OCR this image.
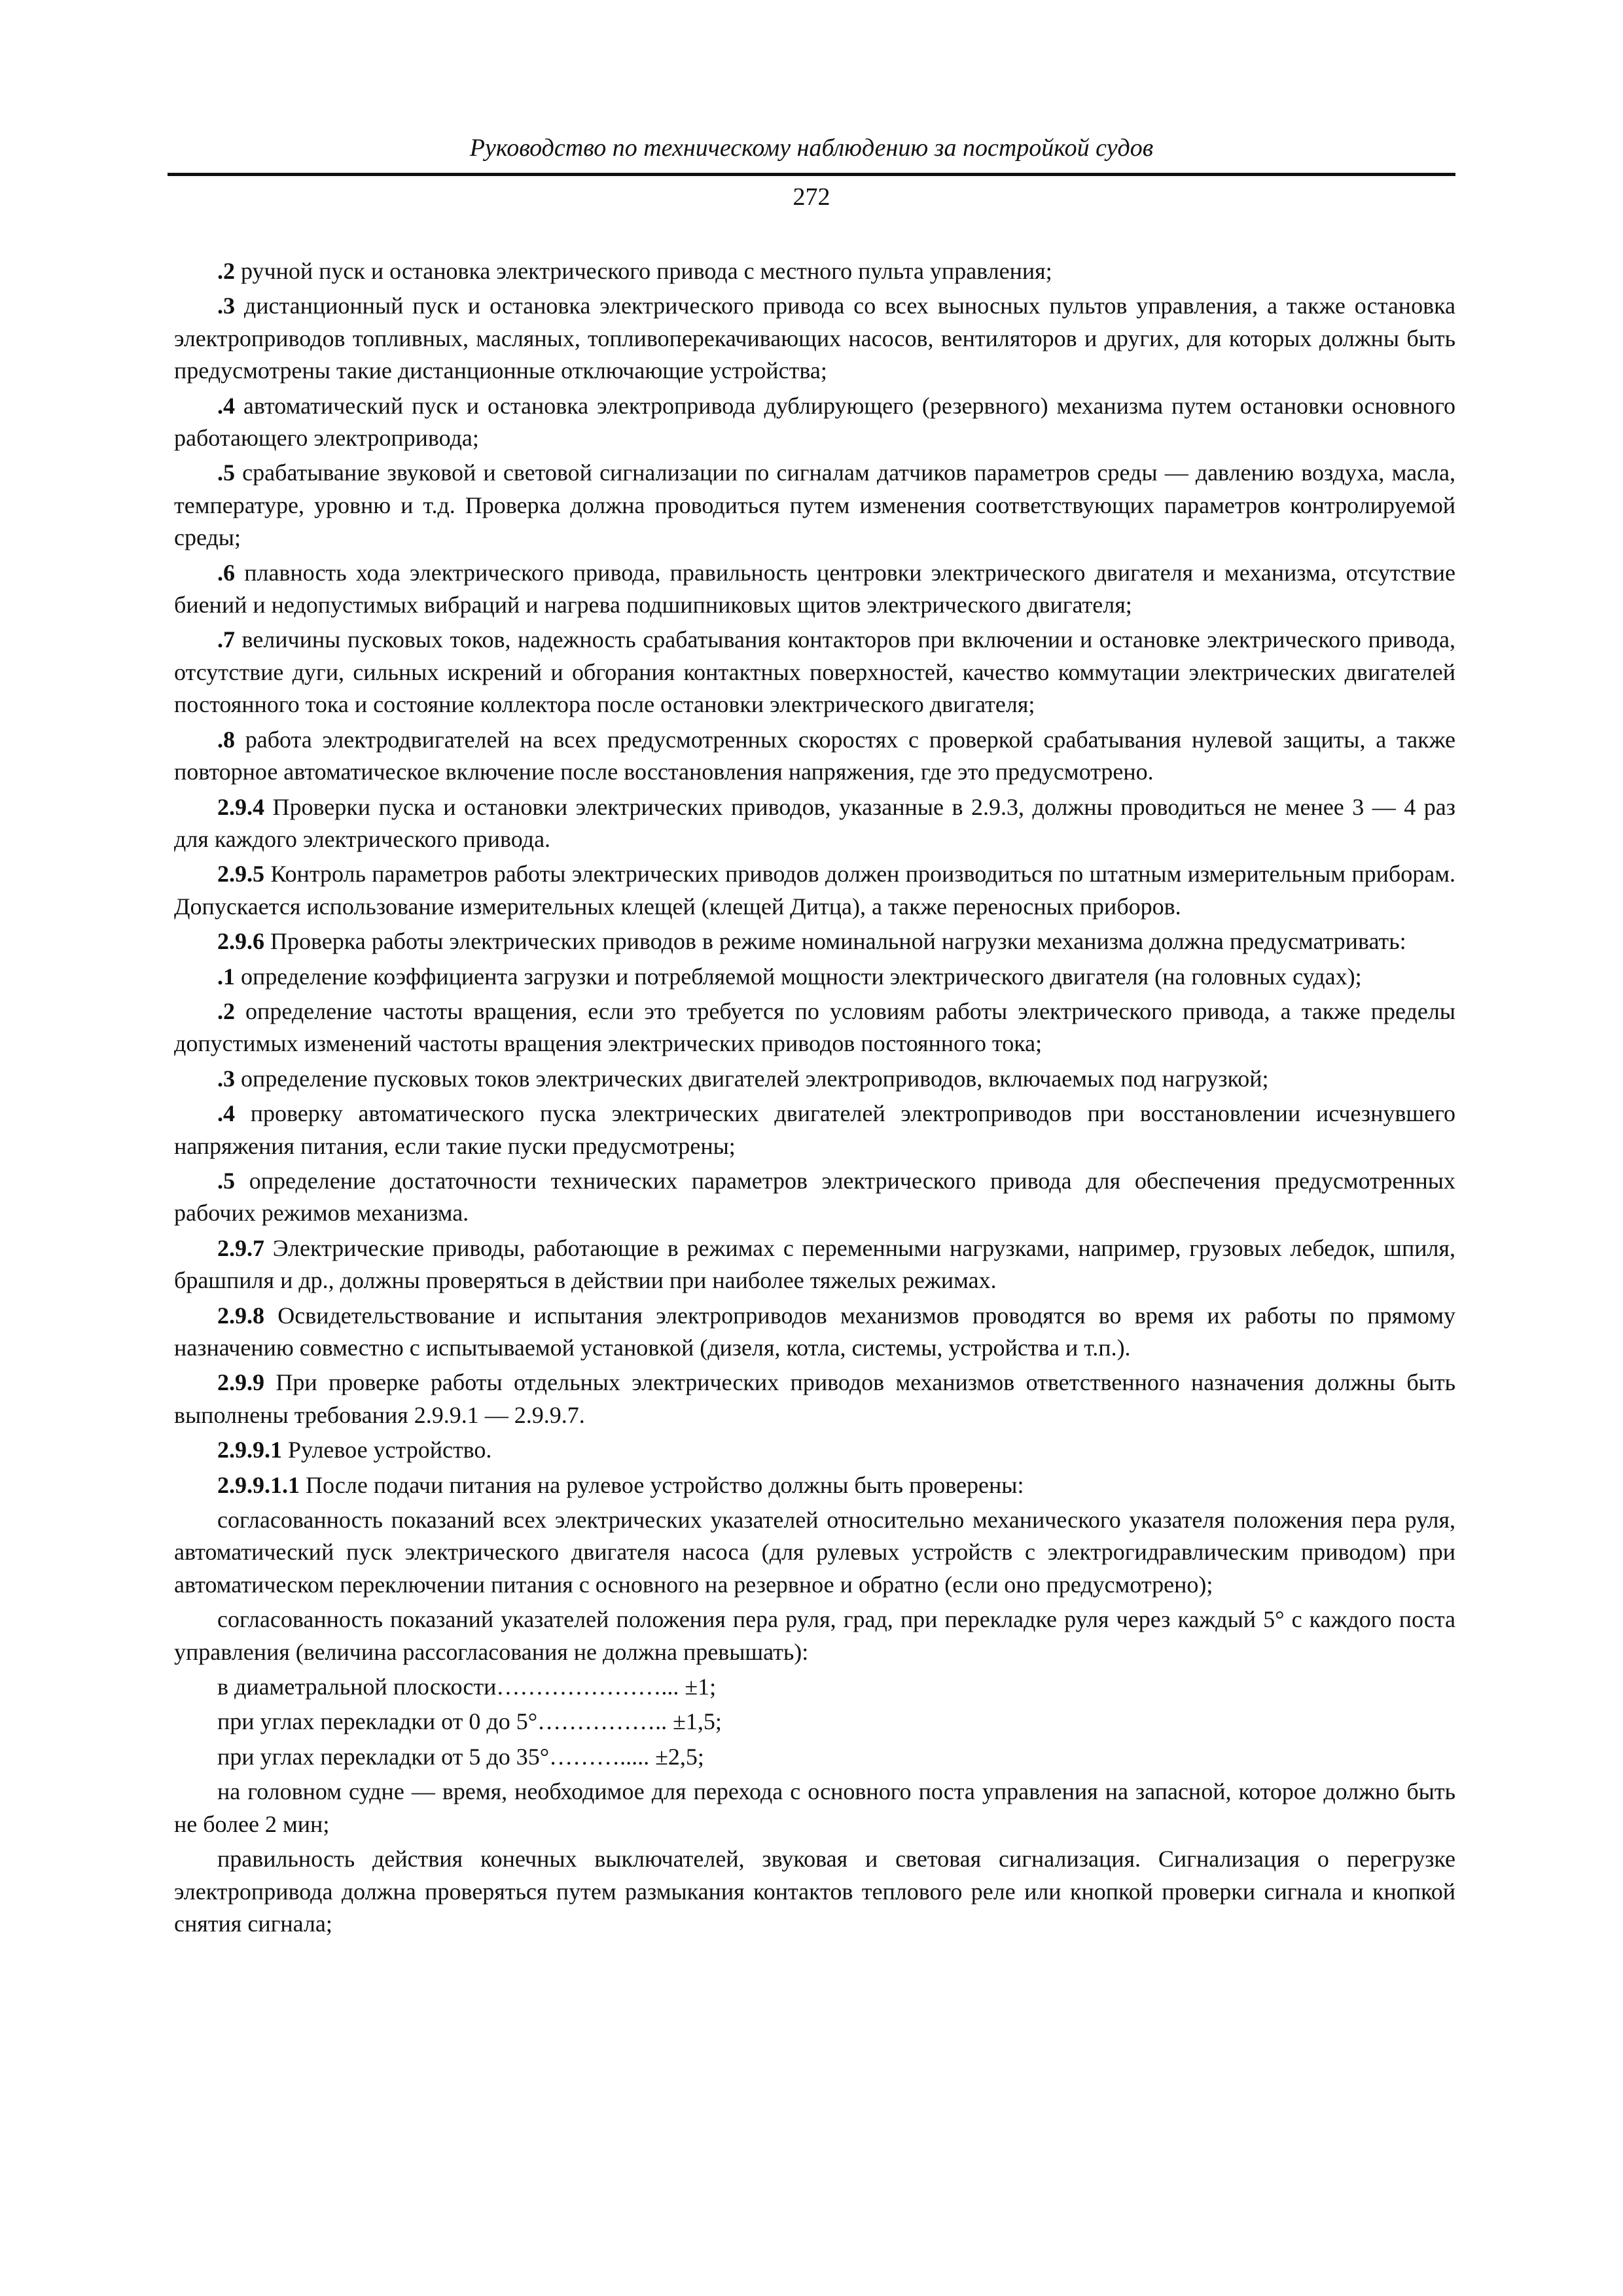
Руководство по техническому наблюдению за постройкой судов
272

.2 ручной пуск и остановка электрического привода с местного пульта управления;

.3 дистанционный пуск и остановка электрического привода со всех выносных пультов управления, а также остановка электроприводов топливных, масляных, топливоперекачивающих насосов, вентиляторов и других, для которых должны быть предусмотрены такие дистанционные отключающие устройства;

.4 автоматический пуск и остановка электропривода дублирующего (резервного) механизма путем остановки основного работающего электропривода;

.5 срабатывание звуковой и световой сигнализации по сигналам датчиков параметров среды — давлению воздуха, масла, температуре, уровню и т.д. Проверка должна проводиться путем изменения соответствующих параметров контролируемой среды;

.6 плавность хода электрического привода, правильность центровки электрического двигателя и механизма, отсутствие биений и недопустимых вибраций и нагрева подшипниковых щитов электрического двигателя;

.7 величины пусковых токов, надежность срабатывания контакторов при включении и остановке электрического привода, отсутствие дуги, сильных искрений и обгорания контактных поверхностей, качество коммутации электрических двигателей постоянного тока и состояние коллектора после остановки электрического двигателя;

.8 работа электродвигателей на всех предусмотренных скоростях с проверкой срабатывания нулевой защиты, а также повторное автоматическое включение после восстановления напряжения, где это предусмотрено.

2.9.4 Проверки пуска и остановки электрических приводов, указанные в 2.9.3, должны проводиться не менее 3 — 4 раз для каждого электрического привода.

2.9.5 Контроль параметров работы электрических приводов должен производиться по штатным измерительным приборам. Допускается использование измерительных клещей (клещей Дитца), а также переносных приборов.

2.9.6 Проверка работы электрических приводов в режиме номинальной нагрузки механизма должна предусматривать:

.1 определение коэффициента загрузки и потребляемой мощности электрического двигателя (на головных судах);

.2 определение частоты вращения, если это требуется по условиям работы электрического привода, а также пределы допустимых изменений частоты вращения электрических приводов постоянного тока;

.3 определение пусковых токов электрических двигателей электроприводов, включаемых под нагрузкой;

.4 проверку автоматического пуска электрических двигателей электроприводов при восстановлении исчезнувшего напряжения питания, если такие пуски предусмотрены;

.5 определение достаточности технических параметров электрического привода для обеспечения предусмотренных рабочих режимов механизма.

2.9.7 Электрические приводы, работающие в режимах с переменными нагрузками, например, грузовых лебедок, шпиля, брашпиля и др., должны проверяться в действии при наиболее тяжелых режимах.

2.9.8 Освидетельствование и испытания электроприводов механизмов проводятся во время их работы по прямому назначению совместно с испытываемой установкой (дизеля, котла, системы, устройства и т.п.).

2.9.9 При проверке работы отдельных электрических приводов механизмов ответственного назначения должны быть выполнены требования 2.9.9.1 — 2.9.9.7.

2.9.9.1 Рулевое устройство.

2.9.9.1.1 После подачи питания на рулевое устройство должны быть проверены:

согласованность показаний всех электрических указателей относительно механического указателя положения пера руля, автоматический пуск электрического двигателя насоса (для рулевых устройств с электрогидравлическим приводом) при автоматическом переключении питания с основного на резервное и обратно (если оно предусмотрено);

согласованность показаний указателей положения пера руля, град, при перекладке руля через каждый 5° с каждого поста управления (величина рассогласования не должна превышать):

в диаметральной плоскости…………………... ±1;

при углах перекладки от 0 до 5°…………….. ±1,5;

при углах перекладки от 5 до 35°………..... ±2,5;

на головном судне — время, необходимое для перехода с основного поста управления на запасной, которое должно быть не более 2 мин;

правильность действия конечных выключателей, звуковая и световая сигнализация. Сигнализация о перегрузке электропривода должна проверяться путем размыкания контактов теплового реле или кнопкой проверки сигнала и кнопкой снятия сигнала;
